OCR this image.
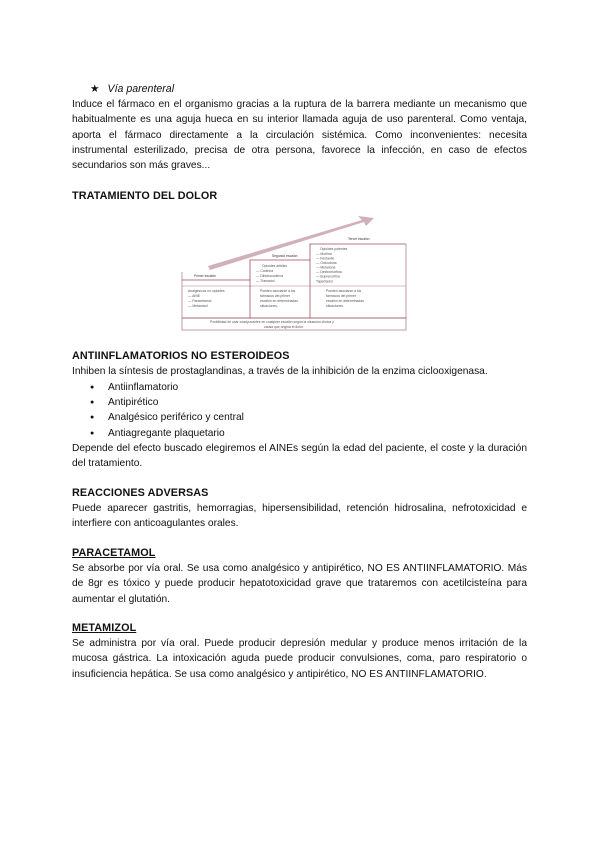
★ Vía parenteral

Induce el fármaco en el organismo gracias a la ruptura de la barrera mediante un mecanismo que habitualmente es una aguja hueca en su interior llamada aguja de uso parenteral. Como ventaja, aporta el fármaco directamente a la circulación sistémica. Como inconvenientes: necesita instrumental esterilizado, precisa de otra persona, favorece la infección, en caso de efectos secundarios son más graves...

TRATAMIENTO DEL DOLOR
Primer escalón
Segundo escalón
Tercer escalón
Analgésicos no opioides
— AINE
— Paracetamol
— Metamizol
Opioides débiles
— Codeína
— Dihidrocodeína
— Tramadol
Pueden asociarse a los
fármacos del primer
escalón en determinadas
situaciones.
Opioides potentes
— Morfina
— Fentanilo
— Oxicodona
— Metadona
— Dextromorfina
— Buprenorfina
Tapentadol
Pueden asociarse a los
fármacos del primer
escalón en determinadas
situaciones.
Posibilidad de usar coadyuvantes en cualquier escalón según la situación clínica y
causa que origina el dolor.
ANTIINFLAMATORIOS NO ESTEROIDEOS

Inhiben la síntesis de prostaglandinas, a través de la inhibición de la enzima ciclooxigenasa.

● Antiinflamatorio
● Antipirético
● Analgésico periférico y central
● Antiagregante plaquetario

Depende del efecto buscado elegiremos el AINEs según la edad del paciente, el coste y la duración del tratamiento.

REACCIONES ADVERSAS

Puede aparecer gastritis, hemorragias, hipersensibilidad, retención hidrosalina, nefrotoxicidad e interfiere con anticoagulantes orales.

PARACETAMOL

Se absorbe por vía oral. Se usa como analgésico y antipirético, NO ES ANTIINFLAMATORIO. Más de 8gr es tóxico y puede producir hepatotoxicidad grave que trataremos con acetilcisteína para aumentar el glutatión.

METAMIZOL

Se administra por vía oral. Puede producir depresión medular y produce menos irritación de la mucosa gástrica. La intoxicación aguda puede producir convulsiones, coma, paro respiratorio o insuficiencia hepática. Se usa como analgésico y antipirético, NO ES ANTIINFLAMATORIO.
